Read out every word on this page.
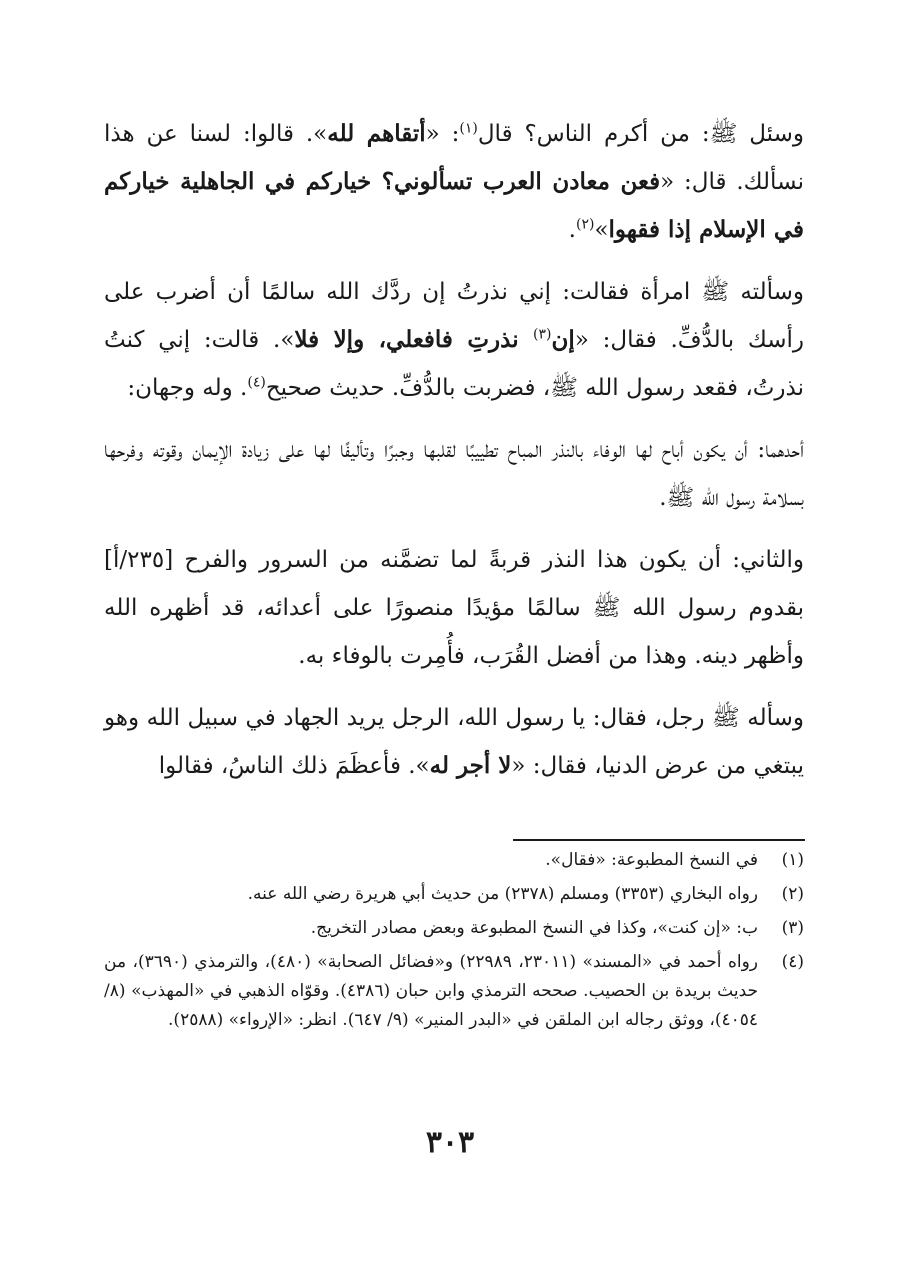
وسئل ﷺ: من أكرم الناس؟ قال$^{(١)}$: «أتقاهم لله». قالوا: لسنا عن هذا نسألك. قال: «فعن معادن العرب تسألوني؟ خياركم في الجاهلية خياركم في الإسلام إذا فقهوا»$^{(٢)}$.

وسألته ﷺ امرأة فقالت: إني نذرتُ إن ردَّك الله سالمًا أن أضرب على رأسك بالدُّفِّ. فقال: «إن$^{(٣)}$ نذرتِ فافعلي، وإلا فلا». قالت: إني كنتُ نذرتُ، فقعد رسول الله ﷺ، فضربت بالدُّفِّ. حديث صحيح$^{(٤)}$. وله وجهان:

أحدهما: أن يكون أباح لها الوفاء بالنذر المباح تطييبًا لقلبها وجبرًا وتأليفًا لها على زيادة الإيمان وقوته وفرحها بسلامة رسول الله ﷺ.

والثاني: أن يكون هذا النذر قربةً لما تضمَّنه من السرور والفرح [٢٣٥/أ] بقدوم رسول الله ﷺ سالمًا مؤيدًا منصورًا على أعدائه، قد أظهره الله وأظهر دينه. وهذا من أفضل القُرَب، فأُمِرت بالوفاء به.

وسأله ﷺ رجل، فقال: يا رسول الله، الرجل يريد الجهاد في سبيل الله وهو يبتغي من عرض الدنيا، فقال: «لا أجر له». فأعظَمَ ذلك الناسُ، فقالوا

(١)
في النسخ المطبوعة: «فقال».
(٢)
رواه البخاري (٣٣٥٣) ومسلم (٢٣٧٨) من حديث أبي هريرة رضي الله عنه.
(٣)
ب: «إن كنت»، وكذا في النسخ المطبوعة وبعض مصادر التخريج.
(٤)
رواه أحمد في «المسند» (٢٣٠١١، ٢٢٩٨٩) و«فضائل الصحابة» (٤٨٠)، والترمذي (٣٦٩٠)، من حديث بريدة بن الحصيب. صححه الترمذي وابن حبان (٤٣٨٦). وقوّاه الذهبي في «المهذب» (٨/ ٤٠٥٤)، ووثق رجاله ابن الملقن في «البدر المنير» (٩/ ٦٤٧). انظر: «الإرواء» (٢٥٨٨).
٣٠٣
